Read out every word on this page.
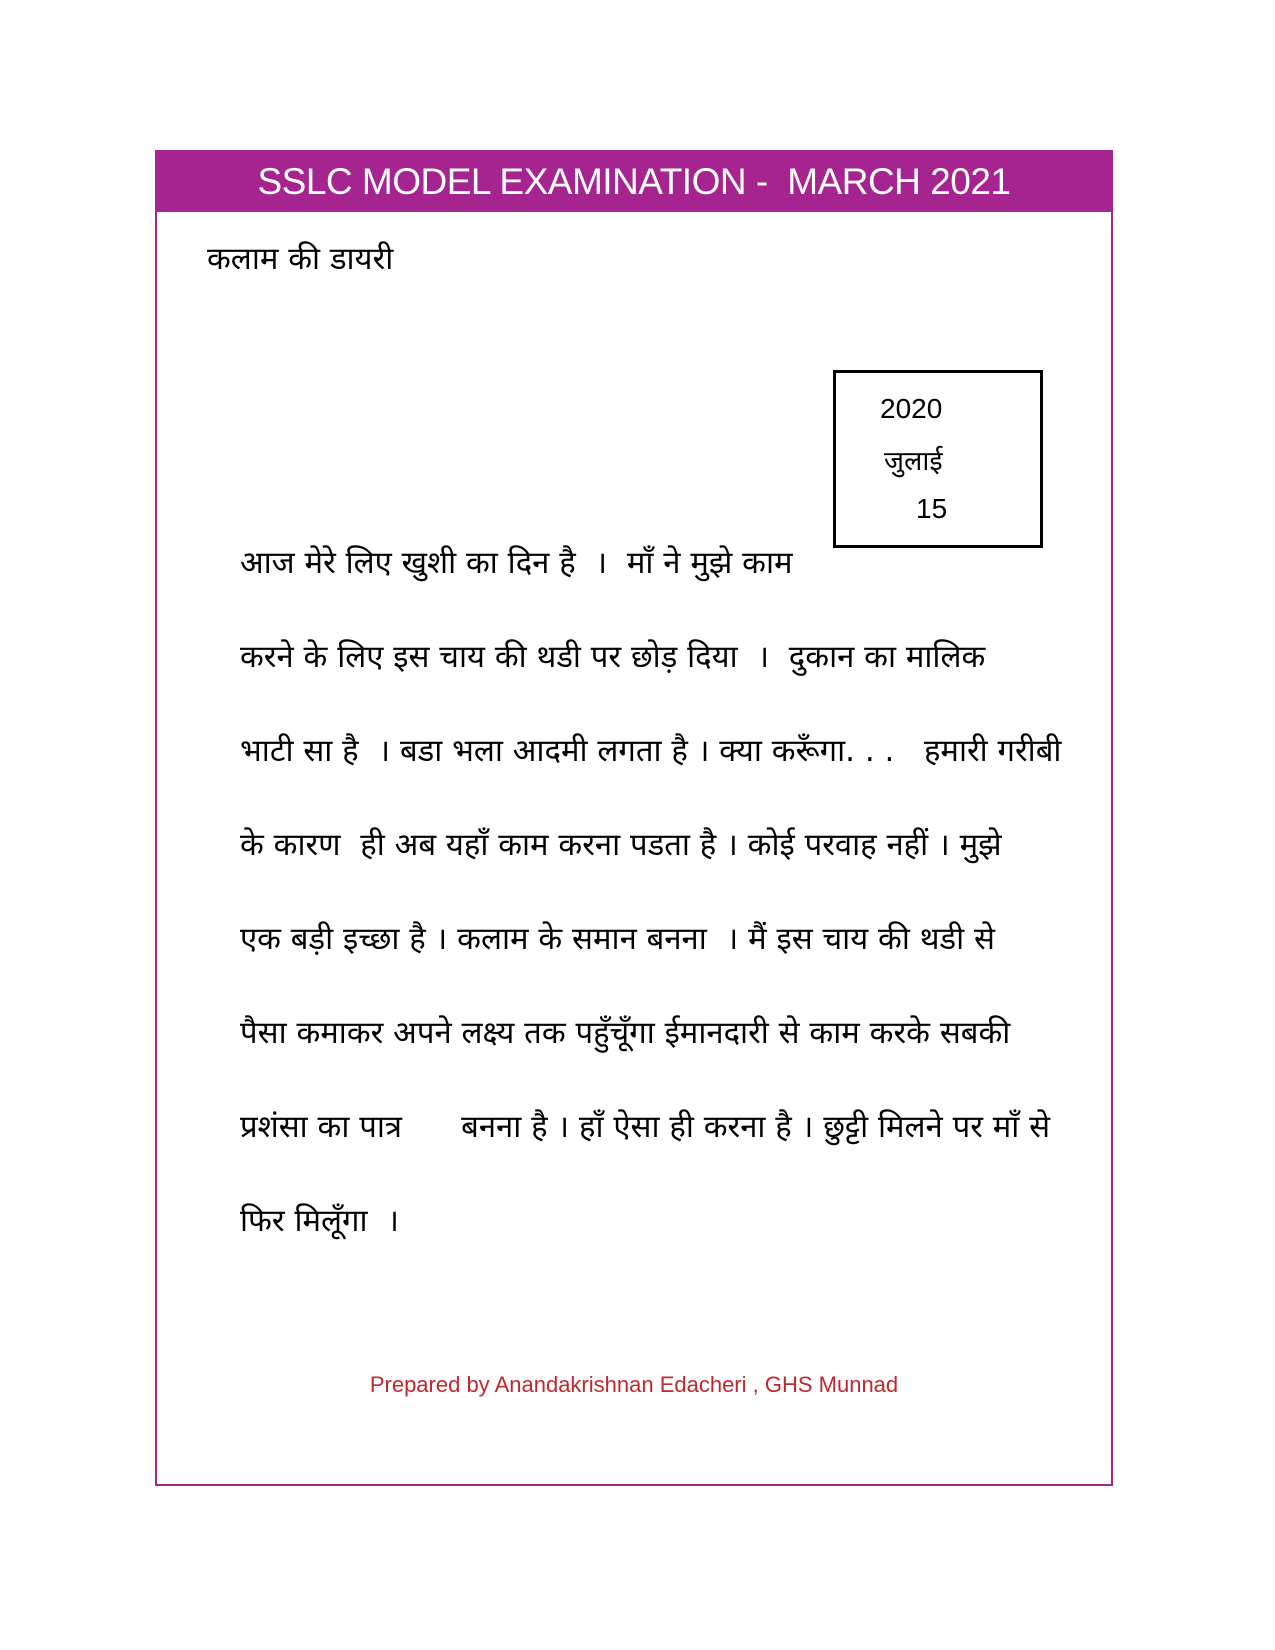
SSLC MODEL EXAMINATION -  MARCH 2021
कलाम की डायरी
2020
जुलाई
15
आज मेरे लिए खुशी का दिन है  ।  माँ ने मुझे काम
करने के लिए इस चाय की थडी पर छोड़ दिया  ।  दुकान का मालिक
भाटी सा है  । बडा भला आदमी लगता है । क्या करूँगा. . .   हमारी गरीबी
के कारण  ही अब यहाँ काम करना पडता है । कोई परवाह नहीं । मुझे
एक बड़ी इच्छा है । कलाम के समान बनना  । मैं इस चाय की थडी से
पैसा कमाकर अपने लक्ष्य तक पहुँचूँगा ईमानदारी से काम करके सबकी
प्रशंसा का पात्र      बनना है । हाँ ऐसा ही करना है । छुट्टी मिलने पर माँ से
फिर मिलूँगा  ।
Prepared by Anandakrishnan Edacheri , GHS Munnad
